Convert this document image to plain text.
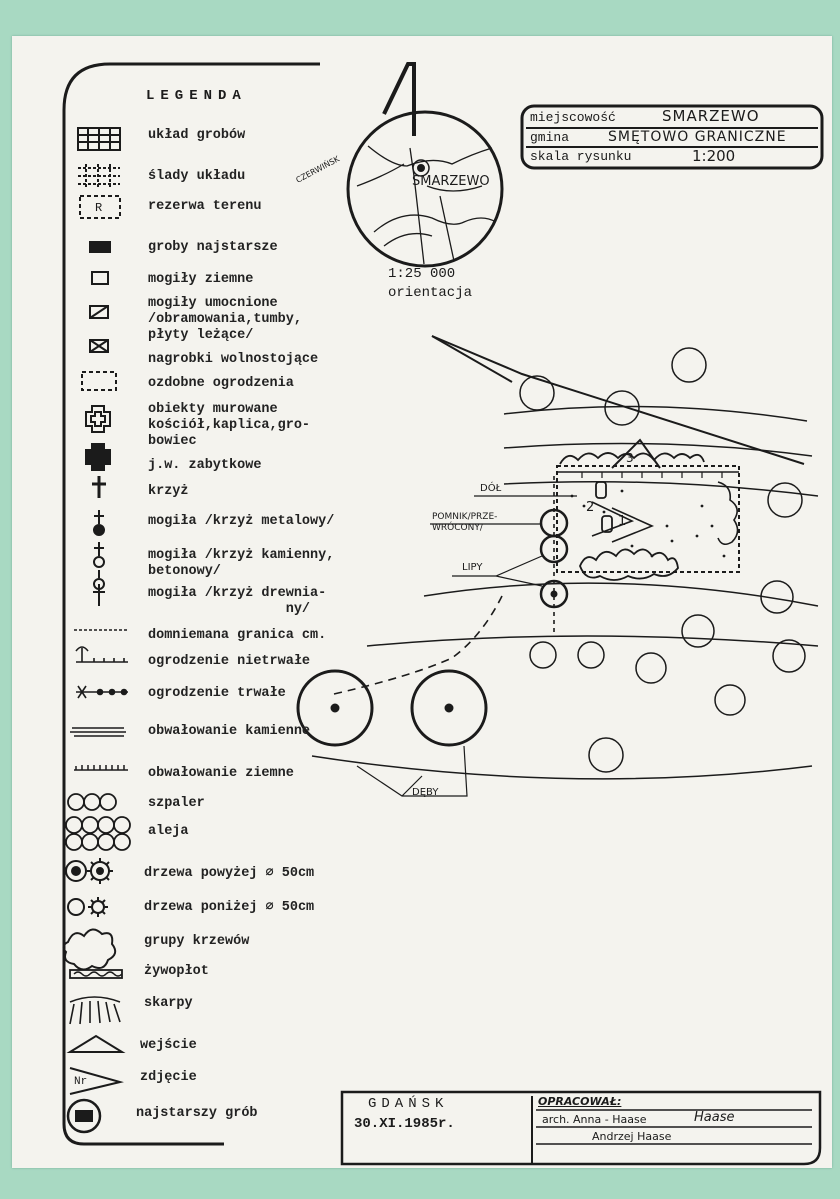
LEGENDA
układ grobów
ślady układu
R	rezerwa terenu
groby najstarsze
mogiły ziemne
mogiły umocnione
/obramowania,tumby,
płyty leżące/
nagrobki wolnostojące
ozdobne ogrodzenia
obiekty murowane
kościół,kaplica,gro-
bowiec
j.w. zabytkowe
krzyż
mogiła /krzyż metalowy/
mogiła /krzyż kamienny,
betonowy/
mogiła /krzyż drewnia-
ny/
domniemana granica cm.
ogrodzenie nietrwałe
ogrodzenie trwałe
obwałowanie kamienne
obwałowanie ziemne
szpaler
aleja
drzewa powyżej ⌀ 50cm
drzewa poniżej ⌀ 50cm
grupy krzewów
żywopłot
skarpy
wejście
Nr	zdjęcie
najstarszy grób
miejscowość	SMARZEWO
gmina	SMĘTOWO GRANICZNE
skala rysunku	1:200
CZERWIŃSK	SMARZEWO
1:25 000
orientacja
DÓŁ
POMNIK/PRZE-
WRÓCONY/
LIPY
DĘBY
1
2
3
GDAŃSK
30.XI.1985r.
OPRACOWAŁ:
arch. Anna - Haase	Haase
Andrzej Haase
